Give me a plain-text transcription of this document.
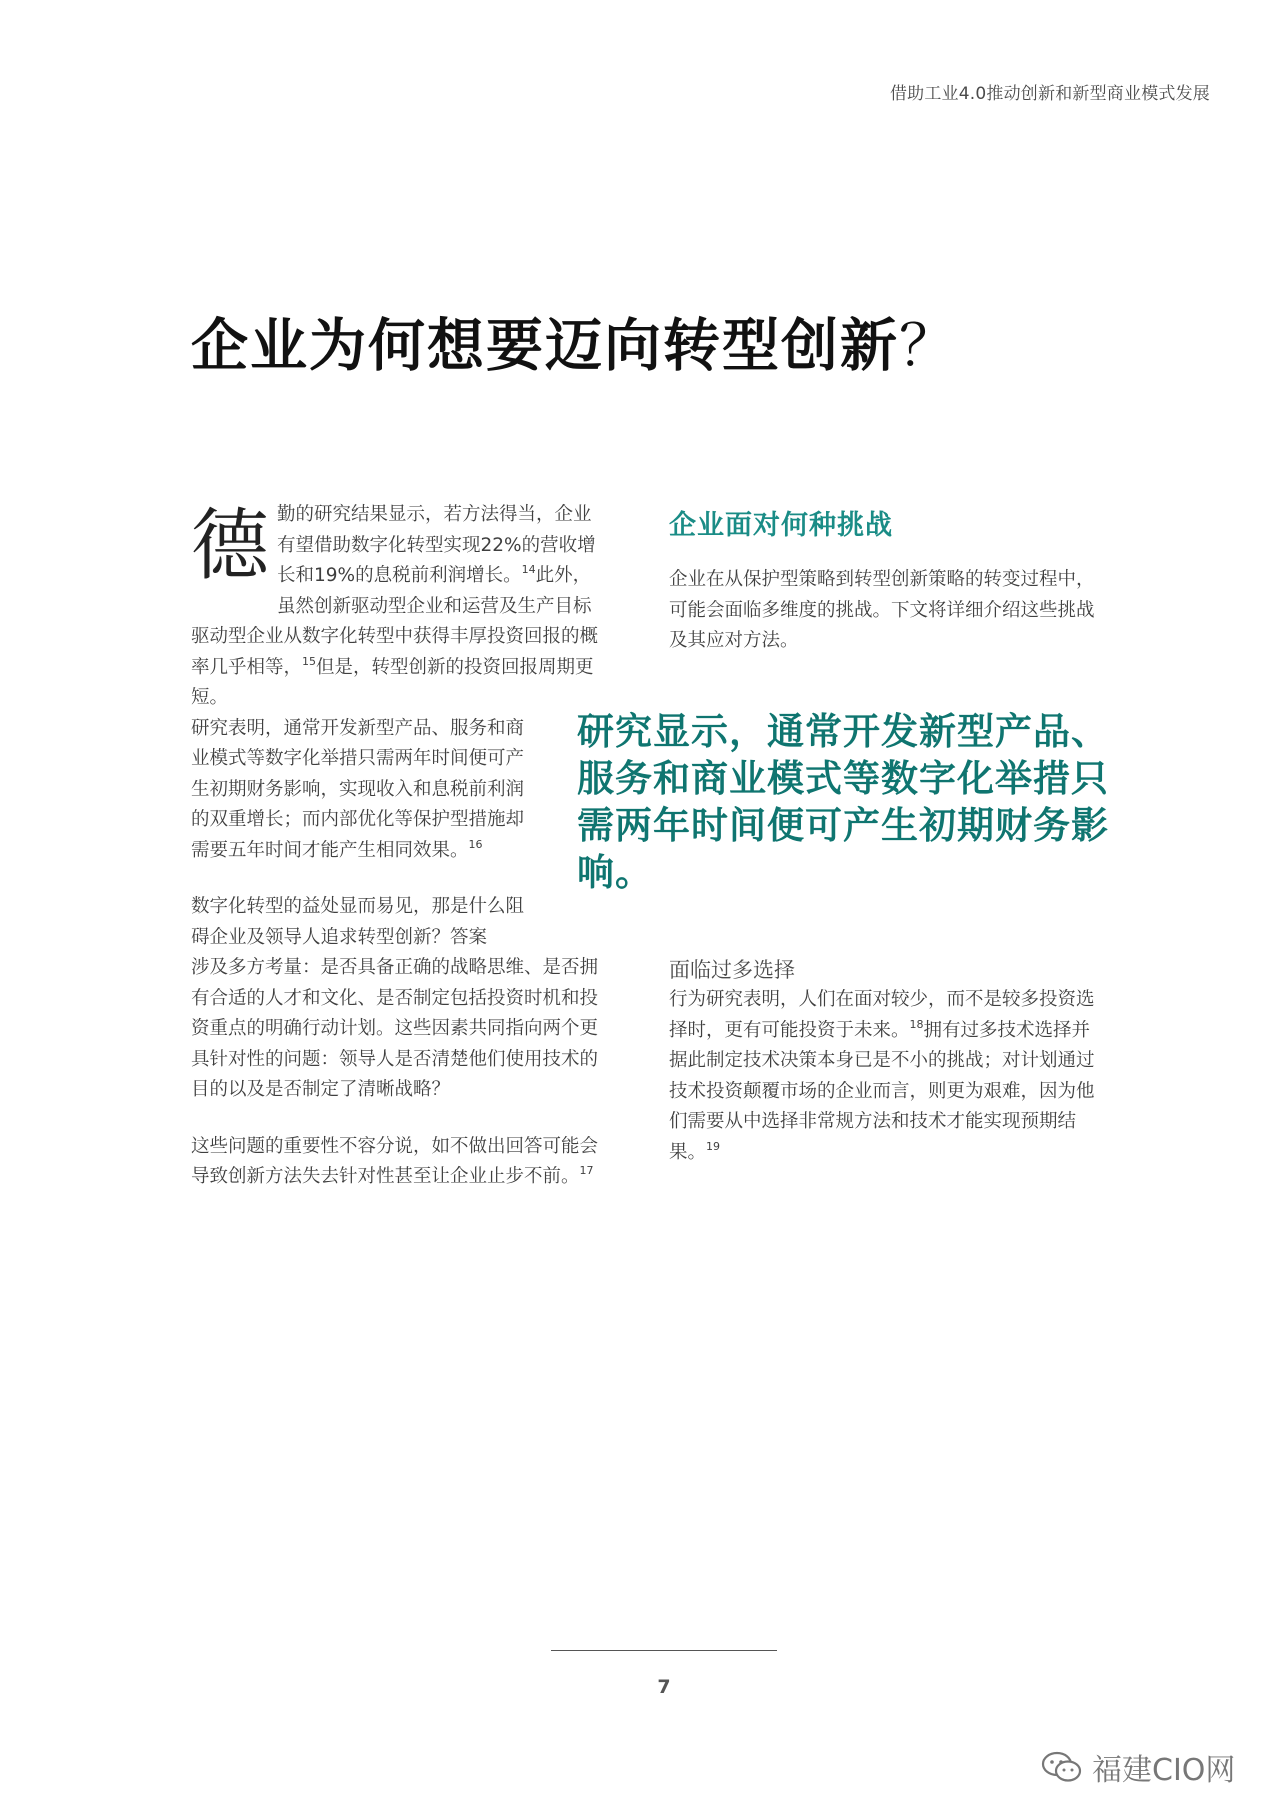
借助工业4.0推动创新和新型商业模式发展
企业为何想要迈向转型创新？

德勤的研究结果显示，若方法得当，企业有望借助数字化转型实现22%的营收增长和19%的息税前利润增长。$^{14}$此外，虽然创新驱动型企业和运营及生产目标驱动型企业从数字化转型中获得丰厚投资回报的概率几乎相等，$^{15}$但是，转型创新的投资回报周期更短。
研究表明，通常开发新型产品、服务和商业模式等数字化举措只需两年时间便可产生初期财务影响，实现收入和息税前利润的双重增长；而内部优化等保护型措施却需要五年时间才能产生相同效果。$^{16}$

数字化转型的益处显而易见，那是什么阻碍企业及领导人追求转型创新？答案
涉及多方考量：是否具备正确的战略思维、是否拥有合适的人才和文化、是否制定包括投资时机和投资重点的明确行动计划。这些因素共同指向两个更具针对性的问题：领导人是否清楚他们使用技术的目的以及是否制定了清晰战略？

这些问题的重要性不容分说，如不做出回答可能会导致创新方法失去针对性甚至让企业止步不前。$^{17}$

企业面对何种挑战
企业在从保护型策略到转型创新策略的转变过程中，可能会面临多维度的挑战。下文将详细介绍这些挑战及其应对方法。

研究显示，通常开发新型产品、服务和商业模式等数字化举措只需两年时间便可产生初期财务影响。

面临过多选择
行为研究表明，人们在面对较少，而不是较多投资选择时，更有可能投资于未来。$^{18}$拥有过多技术选择并据此制定技术决策本身已是不小的挑战；对计划通过技术投资颠覆市场的企业而言，则更为艰难，因为他们需要从中选择非常规方法和技术才能实现预期结果。$^{19}$
7
福建CIO网
